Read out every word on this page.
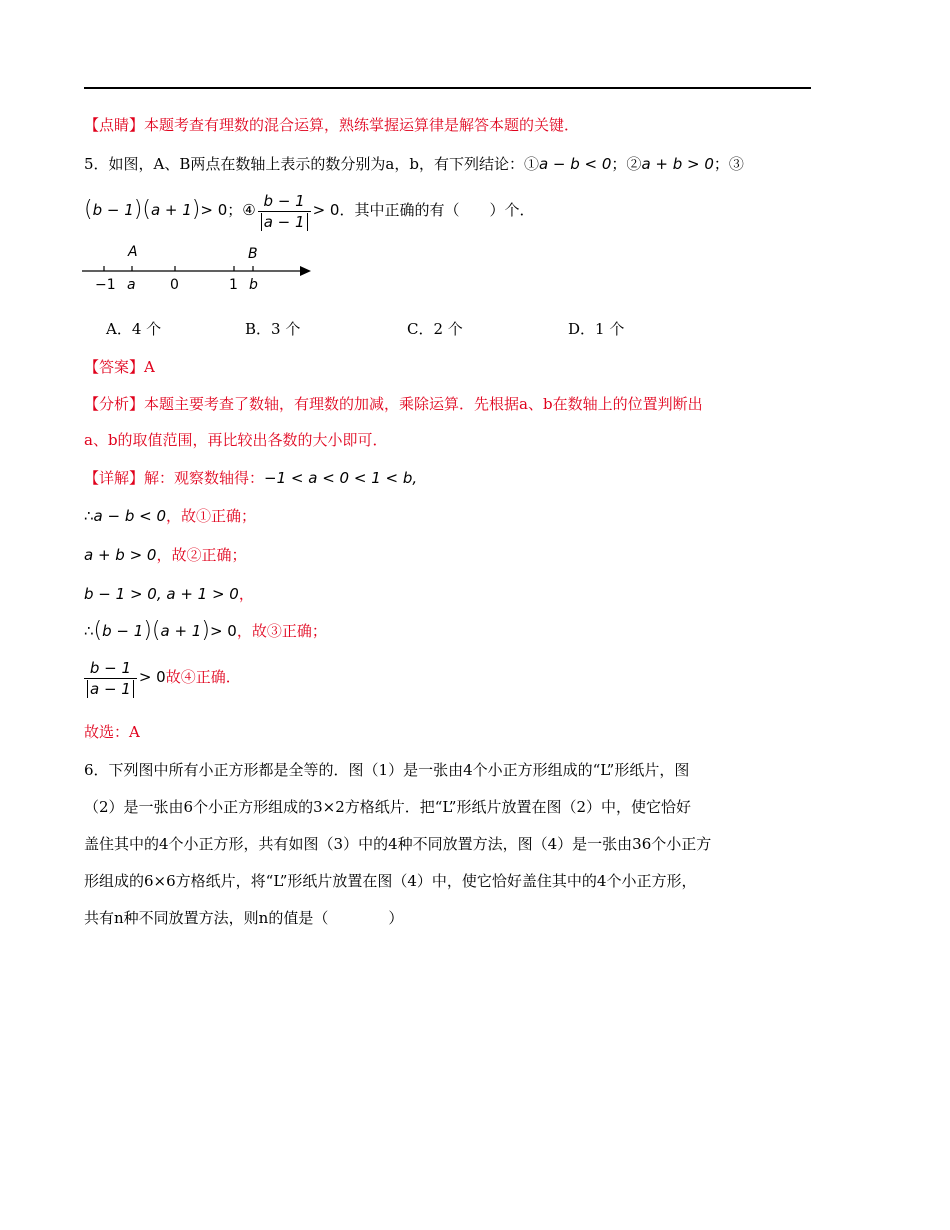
【点睛】本题考查有理数的混合运算，熟练掌握运算律是解答本题的关键．
5．如图，A、B两点在数轴上表示的数分别为a，b，有下列结论：①a − b < 0；②a + b > 0；③
(b − 1)(a + 1)> 0；④ $\frac{b - 1}{a - 1} > 0$．其中正确的有（　　）个．
A	B
−1 a 0	1 b
A．4 个	B．3 个	C．2 个	D．1 个
【答案】A
【分析】本题主要考查了数轴，有理数的加减，乘除运算．先根据a、b在数轴上的位置判断出
a、b的取值范围，再比较出各数的大小即可．
【详解】解：观察数轴得：−1 < a < 0 < 1 < b,
∴a − b < 0，故①正确；
a + b > 0，故②正确；
b − 1 > 0, a + 1 > 0，
∴(b − 1)(a + 1)> 0，故③正确；
$\frac{b - 1}{a - 1} > 0$故④正确．
故选：A
6．下列图中所有小正方形都是全等的．图（1）是一张由4个小正方形组成的“L”形纸片，图
（2）是一张由6个小正方形组成的3×2方格纸片．把“L”形纸片放置在图（2）中，使它恰好
盖住其中的4个小正方形，共有如图（3）中的4种不同放置方法，图（4）是一张由36个小正方
形组成的6×6方格纸片，将“L”形纸片放置在图（4）中，使它恰好盖住其中的4个小正方形，
共有n种不同放置方法，则n的值是（　　　　）
